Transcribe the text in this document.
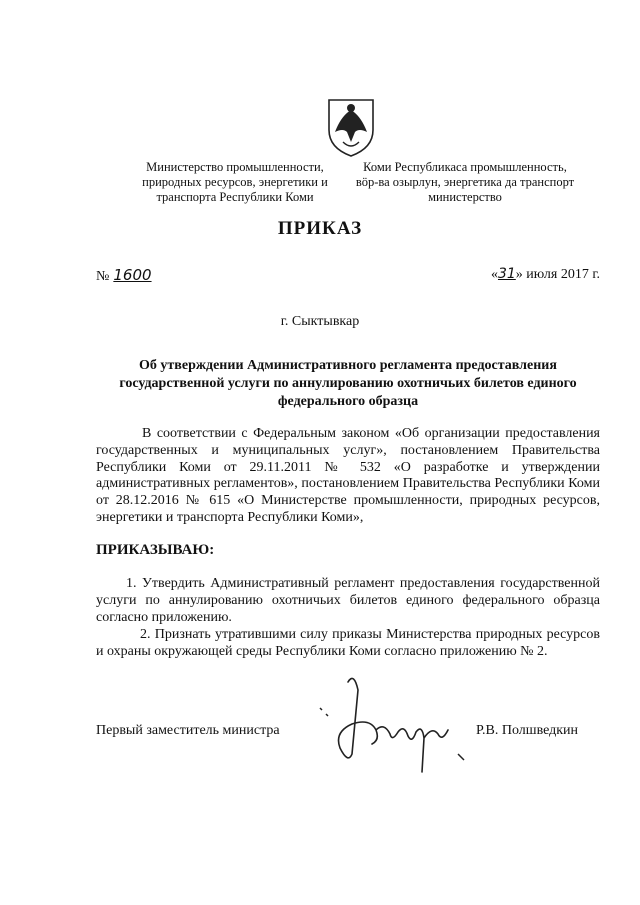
Министерство промышленности,
природных ресурсов, энергетики и
транспорта Республики Коми
Коми Республикаса промышленность,
вӧр-ва озырлун, энергетика да транспорт
министерство
ПРИКАЗ
№ 1600	«31» июля 2017 г.
г. Сыктывкар
Об утверждении Административного регламента предоставления государственной услуги по аннулированию охотничьих билетов единого федерального образца
В соответствии с Федеральным законом «Об организации предоставления государственных и муниципальных услуг», постановлением Правительства Республики Коми от 29.11.2011 № 532 «О разработке и утверждении административных регламентов», постановлением Правительства Республики Коми от 28.12.2016 № 615 «О Министерстве промышленности, природных ресурсов, энергетики и транспорта Республики Коми»,
ПРИКАЗЫВАЮ:
1. Утвердить Административный регламент предоставления государственной услуги по аннулированию охотничьих билетов единого федерального образца согласно приложению.
2. Признать утратившими силу приказы Министерства природных ресурсов и охраны окружающей среды Республики Коми согласно приложению № 2.
Первый заместитель министра	Р.В. Полшведкин
